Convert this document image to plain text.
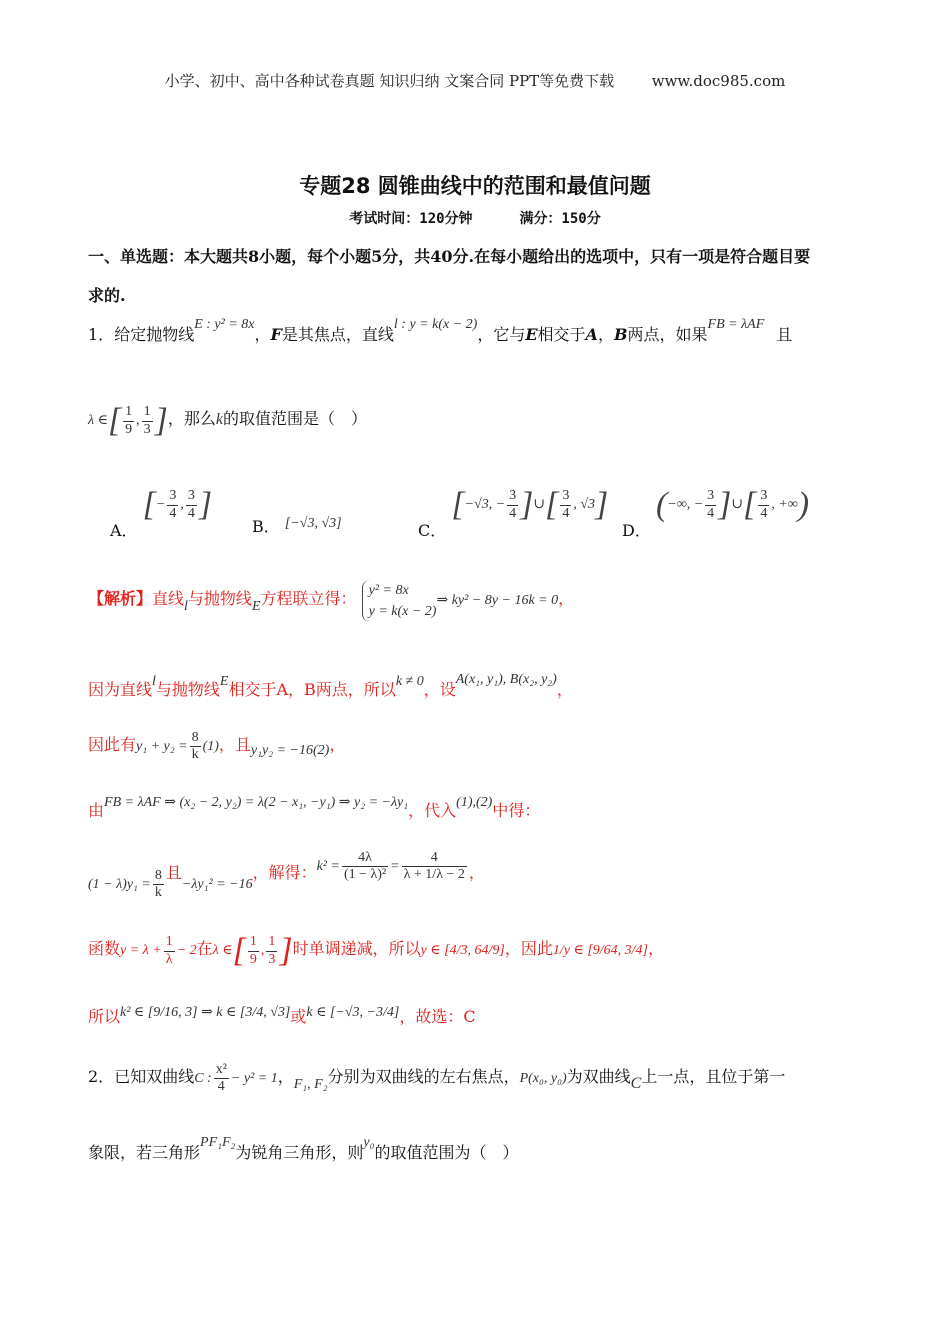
小学、初中、高中各种试卷真题 知识归纳 文案合同 PPT等免费下载	www.doc985.com
专题28 圆锥曲线中的范围和最值问题
考试时间：120分钟	满分：150分
一、单选题：本大题共8小题，每个小题5分，共40分.在每小题给出的选项中，只有一项是符合题目要
求的.
1．给定抛物线E : y² = 8x，F是其焦点，直线l : y = k(x − 2)，它与E相交于A，B两点，如果FB = λAF且
λ ∈[ $\frac{1}{9}$ , $\frac{1}{3}$ ]，那么k的取值范围是（　）
A． [− $\frac{3}{4}$ , $\frac{3}{4}$ ]
B． [−√3, √3]	C． [−√3, − $\frac{3}{4}$ ]∪[ $\frac{3}{4}$ , √3]
D． (−∞, − $\frac{3}{4}$ ]∪[ $\frac{3}{4}$ , +∞)
【解析】直线l与抛物线E方程联立得： y² = 8x
y = k(x − 2)
⇒ ky² − 8y − 16k = 0，
因为直线l与抛物线E相交于A，B两点，所以k ≠ 0，设A(x₁, y₁), B(x₂, y₂)，
因此有$y_1 + y_2 = \frac{8}{k} (1)$，且y₁y₂ = −16(2)，
由FB = λAF ⇒ (x₂ − 2, y₂) = λ(2 − x₁, −y₁) ⇒ y₂ = −λy₁，代入(1),(2)中得：
$(1 - \lambda)y_1 = \frac{8}{k}$ 且−λy₁² = −16，解得：$k^2 = \frac{4\lambda}{\text{(1 − λ)²}} = \frac{4}{\lambda + 1/\lambda - 2}$ ，
函数$y = \lambda + \frac{1}{\lambda} - 2$在λ ∈[ $\frac{1}{9}$ , $\frac{1}{3}$ ]时单调递减，所以y ∈ [4/3, 64/9]，因此1/y ∈ [9/64, 3/4]，
所以k² ∈ [9/16, 3] ⇒ k ∈ [3/4, √3]或k ∈ [−√3, −3/4]，故选：C
2．已知双曲线C : $\frac{\text{x²}}{4} - y^2 = 1$，F₁, F₂分别为双曲线的左右焦点，P(x₀, y₀)为双曲线C上一点，且位于第一
象限，若三角形PF₁F₂为锐角三角形，则y₀的取值范围为（　）
